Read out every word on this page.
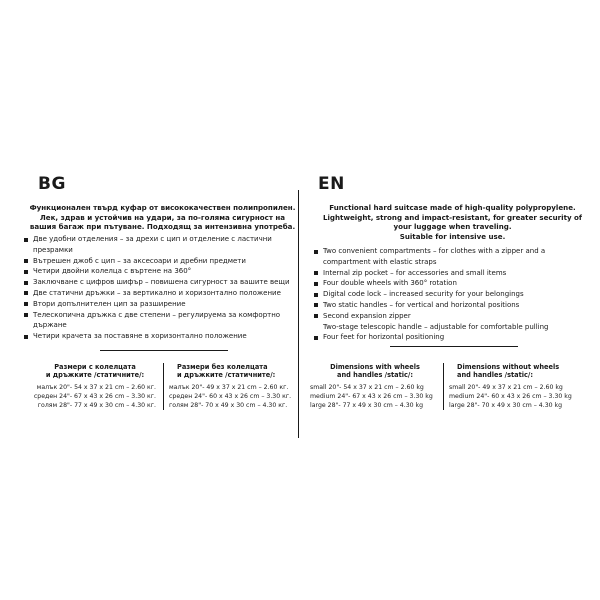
BG
Функционален твърд куфар от висококачествен полипропилен.
Лек, здрав и устойчив на удари, за по-голяма сигурност на
вашия багаж при пътуване. Подходящ за интензивна употреба.
Две удобни отделения – за дрехи с цип и отделение с ластични
презрамки
Вътрешен джоб с цип – за аксесоари и дребни предмети
Четири двойни колелца с въртене на 360°
Заключване с цифров шифър – повишена сигурност за вашите вещи
Две статични дръжки – за вертикално и хоризонтално положение
Втори допълнителен цип за разширение
Телескопична дръжка с две степени – регулируема за комфортно
държане
Четири крачета за поставяне в хоризонтално положение
Размери с колелцата
и дръжките /статичните/:
малък 20"- 54 x 37 x 21 cm – 2.60 кг.
среден 24"- 67 x 43 x 26 cm – 3.30 кг.
голям 28"- 77 x 49 x 30 cm – 4.30 кг.
Размери без колелцата
и дръжките /статичните/:
малък 20"- 49 x 37 x 21 cm – 2.60 кг.
среден 24"- 60 x 43 x 26 cm – 3.30 кг.
голям 28"- 70 x 49 x 30 cm – 4.30 кг.
EN
Functional hard suitcase made of high-quality polypropylene.
Lightweight, strong and impact-resistant, for greater security of
your luggage when traveling.
Suitable for intensive use.
Two convenient compartments – for clothes with a zipper and a
compartment with elastic straps
Internal zip pocket – for accessories and small items
Four double wheels with 360° rotation
Digital code lock – increased security for your belongings
Two static handles – for vertical and horizontal positions
Second expansion zipper
Two-stage telescopic handle – adjustable for comfortable pulling
Four feet for horizontal positioning
Dimensions with wheels
and handles /static/:
small 20"- 54 x 37 x 21 cm – 2.60 kg
medium 24"- 67 x 43 x 26 cm – 3.30 kg
large 28"- 77 x 49 x 30 cm – 4.30 kg
Dimensions without wheels
and handles /static/:
small 20"- 49 x 37 x 21 cm – 2.60 kg
medium 24"- 60 x 43 x 26 cm – 3.30 kg
large 28"- 70 x 49 x 30 cm – 4.30 kg
